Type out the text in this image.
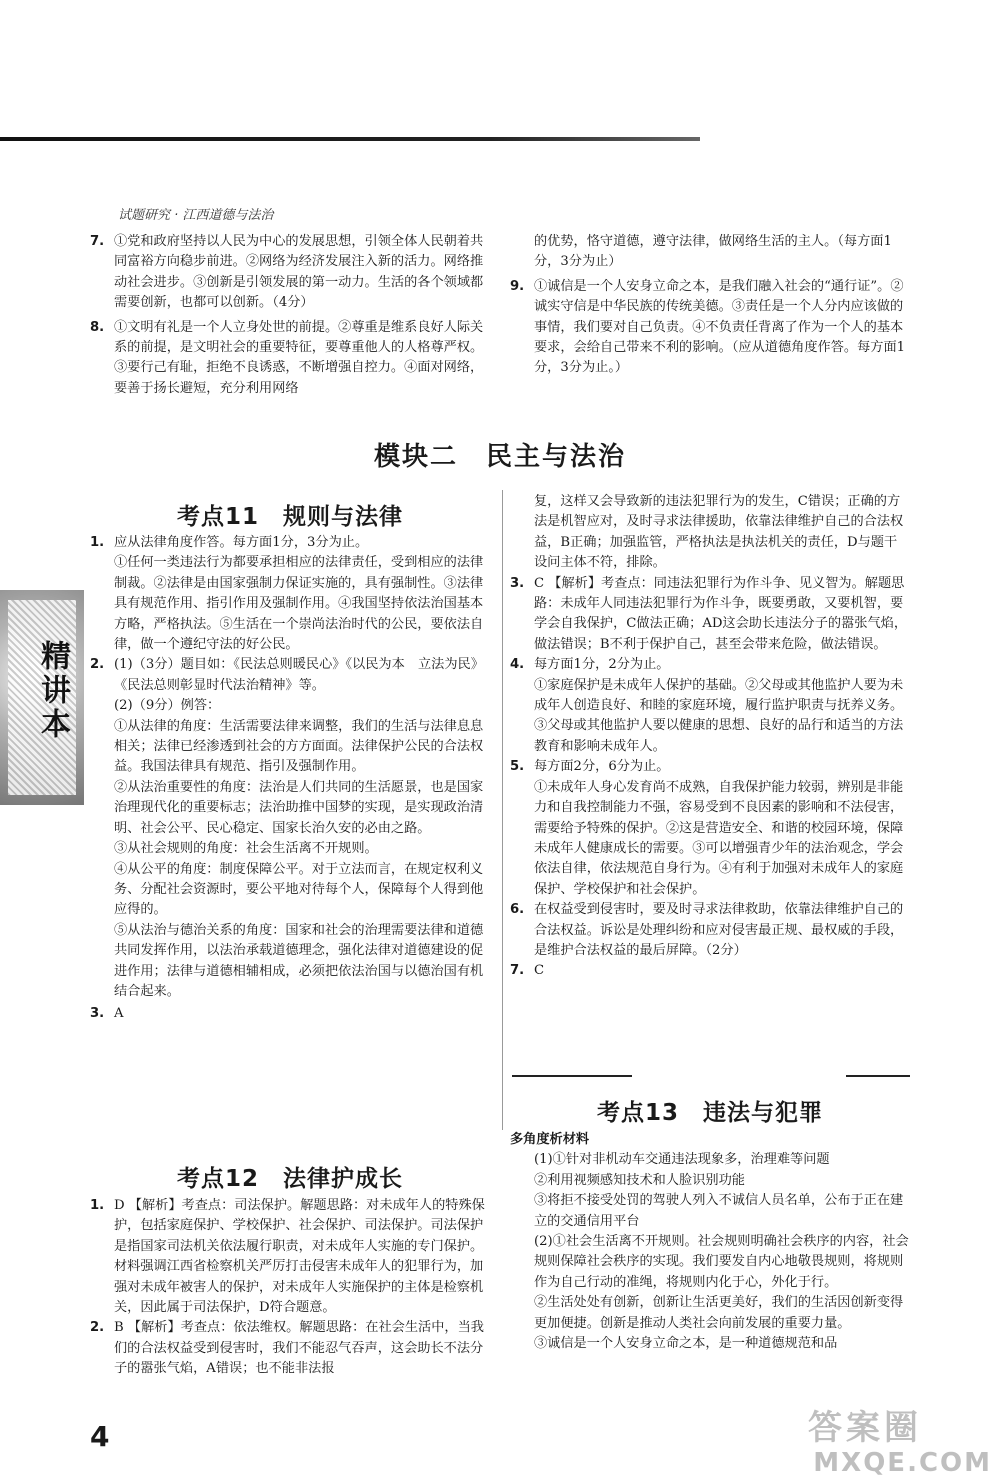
试题研究 · 江西道德与法治

7. ①党和政府坚持以人民为中心的发展思想，引领全体人民朝着共同富裕方向稳步前进。②网络为经济发展注入新的活力。网络推动社会进步。③创新是引领发展的第一动力。生活的各个领域都需要创新，也都可以创新。（4分）

8. ①文明有礼是一个人立身处世的前提。②尊重是维系良好人际关系的前提，是文明社会的重要特征，要尊重他人的人格尊严权。③要行己有耻，拒绝不良诱惑，不断增强自控力。④面对网络，要善于扬长避短，充分利用网络

的优势，恪守道德，遵守法律，做网络生活的主人。（每方面1分，3分为止）

9. ①诚信是一个人安身立命之本，是我们融入社会的“通行证”。②诚实守信是中华民族的传统美德。③责任是一个人分内应该做的事情，我们要对自己负责。④不负责任背离了作为一个人的基本要求，会给自己带来不利的影响。（应从道德角度作答。每方面1分，3分为止。）

模块二　民主与法治
精讲本
考点11　规则与法律

1. 应从法律角度作答。每方面1分，3分为止。

①任何一类违法行为都要承担相应的法律责任，受到相应的法律制裁。②法律是由国家强制力保证实施的，具有强制性。③法律具有规范作用、指引作用及强制作用。④我国坚持依法治国基本方略，严格执法。⑤生活在一个崇尚法治时代的公民，要依法自律，做一个遵纪守法的好公民。

2. (1)（3分）题目如：《民法总则暖民心》《以民为本　立法为民》《民法总则彰显时代法治精神》等。

(2)（9分）例答：

①从法律的角度：生活需要法律来调整，我们的生活与法律息息相关；法律已经渗透到社会的方方面面。法律保护公民的合法权益。我国法律具有规范、指引及强制作用。

②从法治重要性的角度：法治是人们共同的生活愿景，也是国家治理现代化的重要标志；法治助推中国梦的实现，是实现政治清明、社会公平、民心稳定、国家长治久安的必由之路。

③从社会规则的角度：社会生活离不开规则。

④从公平的角度：制度保障公平。对于立法而言，在规定权利义务、分配社会资源时，要公平地对待每个人，保障每个人得到他应得的。

⑤从法治与德治关系的角度：国家和社会的治理需要法律和道德共同发挥作用，以法治承载道德理念，强化法律对道德建设的促进作用；法律与道德相辅相成，必须把依法治国与以德治国有机结合起来。

3. A

考点12　法律护成长

1. D 【解析】考查点：司法保护。解题思路：对未成年人的特殊保护，包括家庭保护、学校保护、社会保护、司法保护。司法保护是指国家司法机关依法履行职责，对未成年人实施的专门保护。材料强调江西省检察机关严厉打击侵害未成年人的犯罪行为，加强对未成年被害人的保护，对未成年人实施保护的主体是检察机关，因此属于司法保护，D符合题意。

2. B 【解析】考查点：依法维权。解题思路：在社会生活中，当我们的合法权益受到侵害时，我们不能忍气吞声，这会助长不法分子的嚣张气焰，A错误；也不能非法报

复，这样又会导致新的违法犯罪行为的发生，C错误；正确的方法是机智应对，及时寻求法律援助，依靠法律维护自己的合法权益，B正确；加强监管，严格执法是执法机关的责任，D与题干设问主体不符，排除。

3. C 【解析】考查点：同违法犯罪行为作斗争、见义智为。解题思路：未成年人同违法犯罪行为作斗争，既要勇敢，又要机智，要学会自我保护，C做法正确；AD这会助长违法分子的嚣张气焰，做法错误；B不利于保护自己，甚至会带来危险，做法错误。

4. 每方面1分，2分为止。

①家庭保护是未成年人保护的基础。②父母或其他监护人要为未成年人创造良好、和睦的家庭环境，履行监护职责与抚养义务。③父母或其他监护人要以健康的思想、良好的品行和适当的方法教育和影响未成年人。

5. 每方面2分，6分为止。

①未成年人身心发育尚不成熟，自我保护能力较弱，辨别是非能力和自我控制能力不强，容易受到不良因素的影响和不法侵害，需要给予特殊的保护。②这是营造安全、和谐的校园环境，保障未成年人健康成长的需要。③可以增强青少年的法治观念，学会依法自律，依法规范自身行为。④有利于加强对未成年人的家庭保护、学校保护和社会保护。

6. 在权益受到侵害时，要及时寻求法律救助，依靠法律维护自己的合法权益。诉讼是处理纠纷和应对侵害最正规、最权威的手段，是维护合法权益的最后屏障。（2分）

7. C

考点13　违法与犯罪

多角度析材料

(1)①针对非机动车交通违法现象多，治理难等问题

②利用视频感知技术和人脸识别功能

③将拒不接受处罚的驾驶人列入不诚信人员名单，公布于正在建立的交通信用平台

(2)①社会生活离不开规则。社会规则明确社会秩序的内容，社会规则保障社会秩序的实现。我们要发自内心地敬畏规则，将规则作为自己行动的准绳，将规则内化于心，外化于行。

②生活处处有创新，创新让生活更美好，我们的生活因创新变得更加便捷。创新是推动人类社会向前发展的重要力量。

③诚信是一个人安身立命之本，是一种道德规范和品

4	答案圈
MXQE.COM
